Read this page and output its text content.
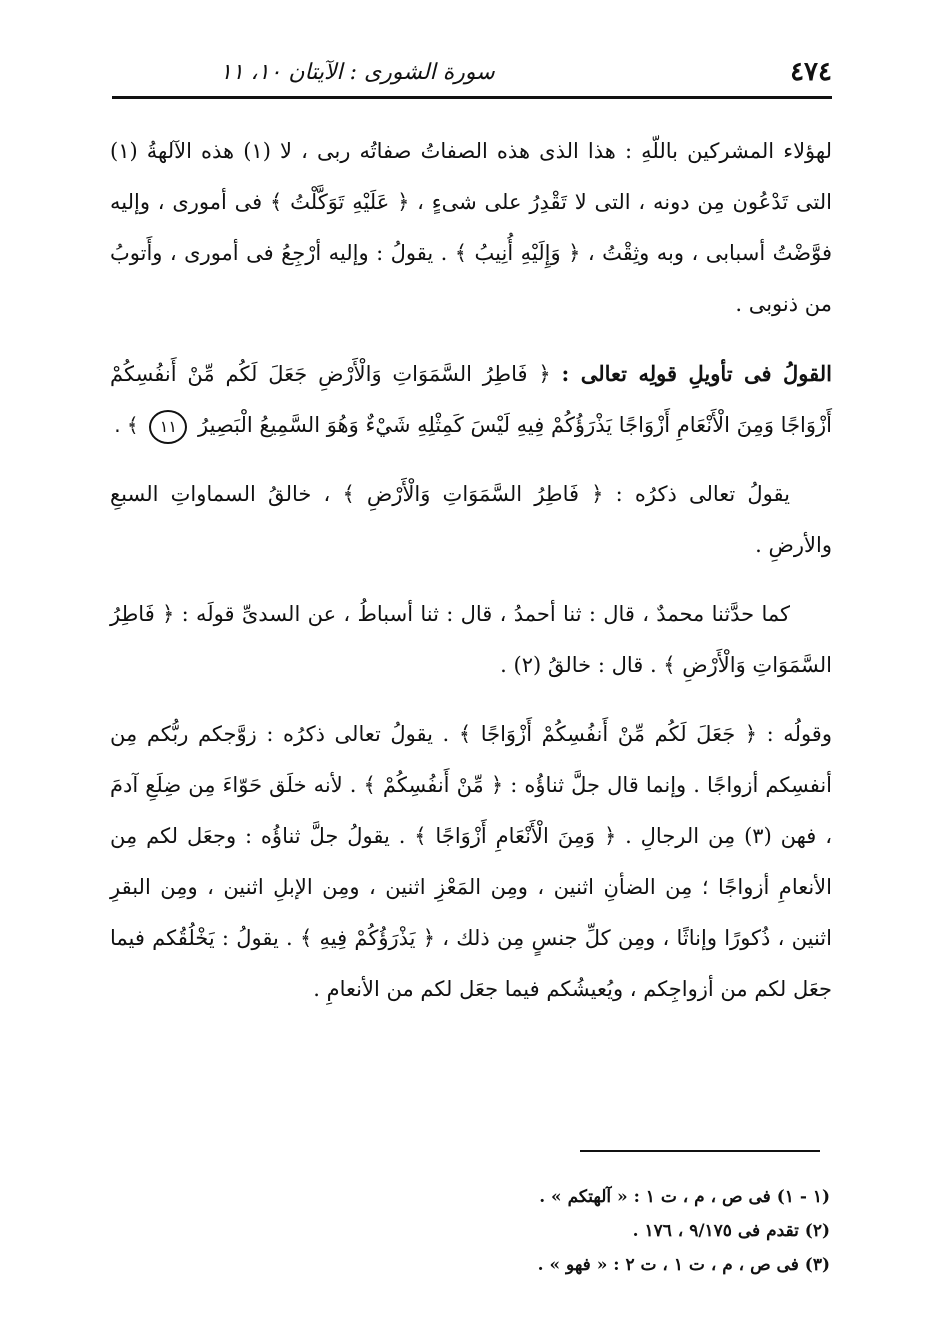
٤٧٤
سورة الشورى : الآيتان ١٠، ١١

لهؤلاء المشركين باللّهِ : هذا الذى هذه الصفاتُ صفاتُه ربى ، لا (١) هذه الآلهةُ (١) التى تَدْعُون مِن دونه ، التى لا تَقْدِرُ على شىءٍ ، ﴿ عَلَيْهِ تَوَكَّلْتُ ﴾ فى أمورى ، وإليه فوَّضْتُ أسبابى ، وبه وثِقْتُ ، ﴿ وَإِلَيْهِ أُنِيبُ ﴾ . يقولُ : وإليه أرْجِعُ فى أمورى ، وأَتوبُ من ذنوبى .

القولُ فى تأويلِ قولِه تعالى : ﴿ فَاطِرُ السَّمَوَاتِ وَالْأَرْضِ جَعَلَ لَكُم مِّنْ أَنفُسِكُمْ أَزْوَاجًا وَمِنَ الْأَنْعَامِ أَزْوَاجًا يَذْرَؤُكُمْ فِيهِ لَيْسَ كَمِثْلِهِ شَيْءٌ وَهُوَ السَّمِيعُ الْبَصِيرُ ١١ ﴾ .

يقولُ تعالى ذكرُه : ﴿ فَاطِرُ السَّمَوَاتِ وَالْأَرْضِ ﴾ ، خالقُ السماواتِ السبعِ والأرضِ .

كما حدَّثنا محمدٌ ، قال : ثنا أحمدُ ، قال : ثنا أسباطُ ، عن السدىِّ قولَه : ﴿ فَاطِرُ السَّمَوَاتِ وَالْأَرْضِ ﴾ . قال : خالقُ (٢) .

وقولُه : ﴿ جَعَلَ لَكُم مِّنْ أَنفُسِكُمْ أَزْوَاجًا ﴾ . يقولُ تعالى ذكرُه : زوَّجكم ربُّكم مِن أنفسِكم أزواجًا . وإنما قال جلَّ ثناؤُه : ﴿ مِّنْ أَنفُسِكُمْ ﴾ . لأنه خلَق حَوّاءَ مِن ضِلَعِ آدمَ ، فهن (٣) مِن الرجالِ . ﴿ وَمِنَ الْأَنْعَامِ أَزْوَاجًا ﴾ . يقولُ جلَّ ثناؤُه : وجعَل لكم مِن الأنعامِ أزواجًا ؛ مِن الضأنِ اثنين ، ومِن المَعْزِ اثنين ، ومِن الإبلِ اثنين ، ومِن البقرِ اثنين ، ذُكورًا وإناثًا ، ومِن كلِّ جنسٍ مِن ذلك ، ﴿ يَذْرَؤُكُمْ فِيهِ ﴾ . يقولُ : يَخْلُقُكم فيما جعَل لكم من أزواجِكم ، ويُعيشُكم فيما جعَل لكم من الأنعامِ .

(١ - ١) فى ص ، م ، ت ١ : « آلهتكم » .

(٢) تقدم فى ٩/١٧٥ ، ١٧٦ .

(٣) فى ص ، م ، ت ١ ، ت ٢ : « فهو » .
